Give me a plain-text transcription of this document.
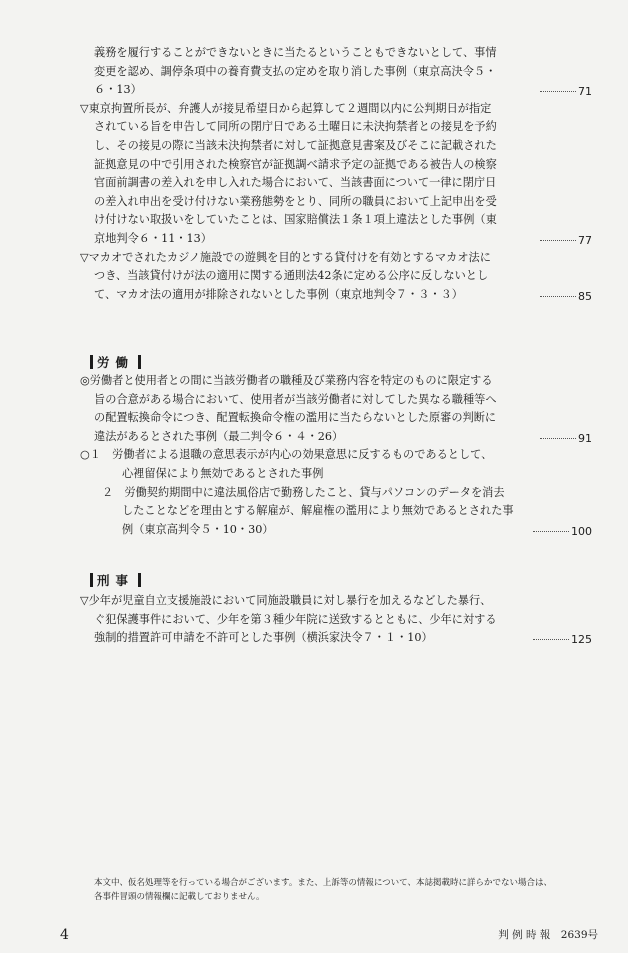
義務を履行することができないときに当たるということもできないとして、事情
変更を認め、調停条項中の養育費支払の定めを取り消した事例（東京高決令５・
６・13）	71
▽東京拘置所長が、弁護人が接見希望日から起算して２週間以内に公判期日が指定
されている旨を申告して同所の閉庁日である土曜日に未決拘禁者との接見を予約
し、その接見の際に当該未決拘禁者に対して証拠意見書案及びそこに記載された
証拠意見の中で引用された検察官が証拠調べ請求予定の証拠である被告人の検察
官面前調書の差入れを申し入れた場合において、当該書面について一律に閉庁日
の差入れ申出を受け付けない業務態勢をとり、同所の職員において上記申出を受
け付けない取扱いをしていたことは、国家賠償法１条１項上違法とした事例（東
京地判令６・11・13）	77
▽マカオでされたカジノ施設での遊興を目的とする貸付けを有効とするマカオ法に
つき、当該貸付けが法の適用に関する通則法42条に定める公序に反しないとし
て、マカオ法の適用が排除されないとした事例（東京地判令７・３・３）	85
労働
◎労働者と使用者との間に当該労働者の職種及び業務内容を特定のものに限定する
旨の合意がある場合において、使用者が当該労働者に対してした異なる職種等へ
の配置転換命令につき、配置転換命令権の濫用に当たらないとした原審の判断に
違法があるとされた事例（最二判令６・４・26）	91
○１　労働者による退職の意思表示が内心の効果意思に反するものであるとして、
心裡留保により無効であるとされた事例
２　労働契約期間中に違法風俗店で勤務したこと、貸与パソコンのデータを消去
したことなどを理由とする解雇が、解雇権の濫用により無効であるとされた事
例（東京高判令５・10・30）	100
刑事
▽少年が児童自立支援施設において同施設職員に対し暴行を加えるなどした暴行、
ぐ犯保護事件において、少年を第３種少年院に送致するとともに、少年に対する
強制的措置許可申請を不許可とした事例（横浜家決令７・１・10）	125
本文中、仮名処理等を行っている場合がございます。また、上訴等の情報について、本誌掲載時に詳らかでない場合は、
各事件冒頭の情報欄に記載しておりません。
4	判 例 時 報　2639号
